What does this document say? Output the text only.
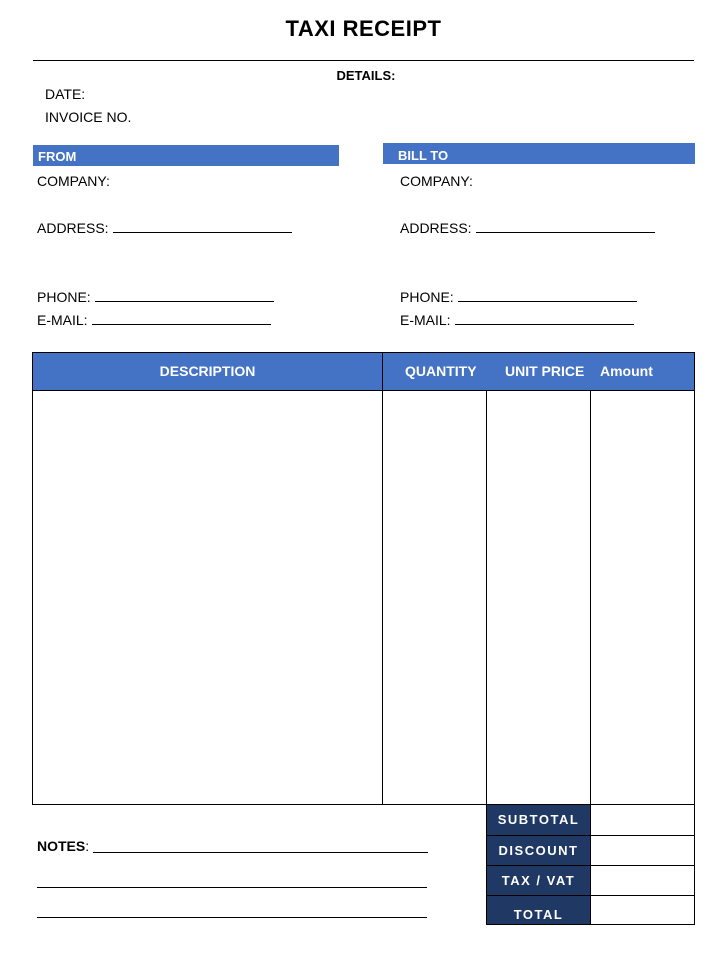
TAXI RECEIPT
DETAILS:
DATE:
INVOICE NO.
FROM
COMPANY:
ADDRESS:
PHONE:
E-MAIL:
BILL TO
COMPANY:
ADDRESS:
PHONE:
E-MAIL:
DESCRIPTION	QUANTITY UNIT PRICE Amount
SUBTOTAL
DISCOUNT
TAX / VAT
TOTAL
NOTES:
